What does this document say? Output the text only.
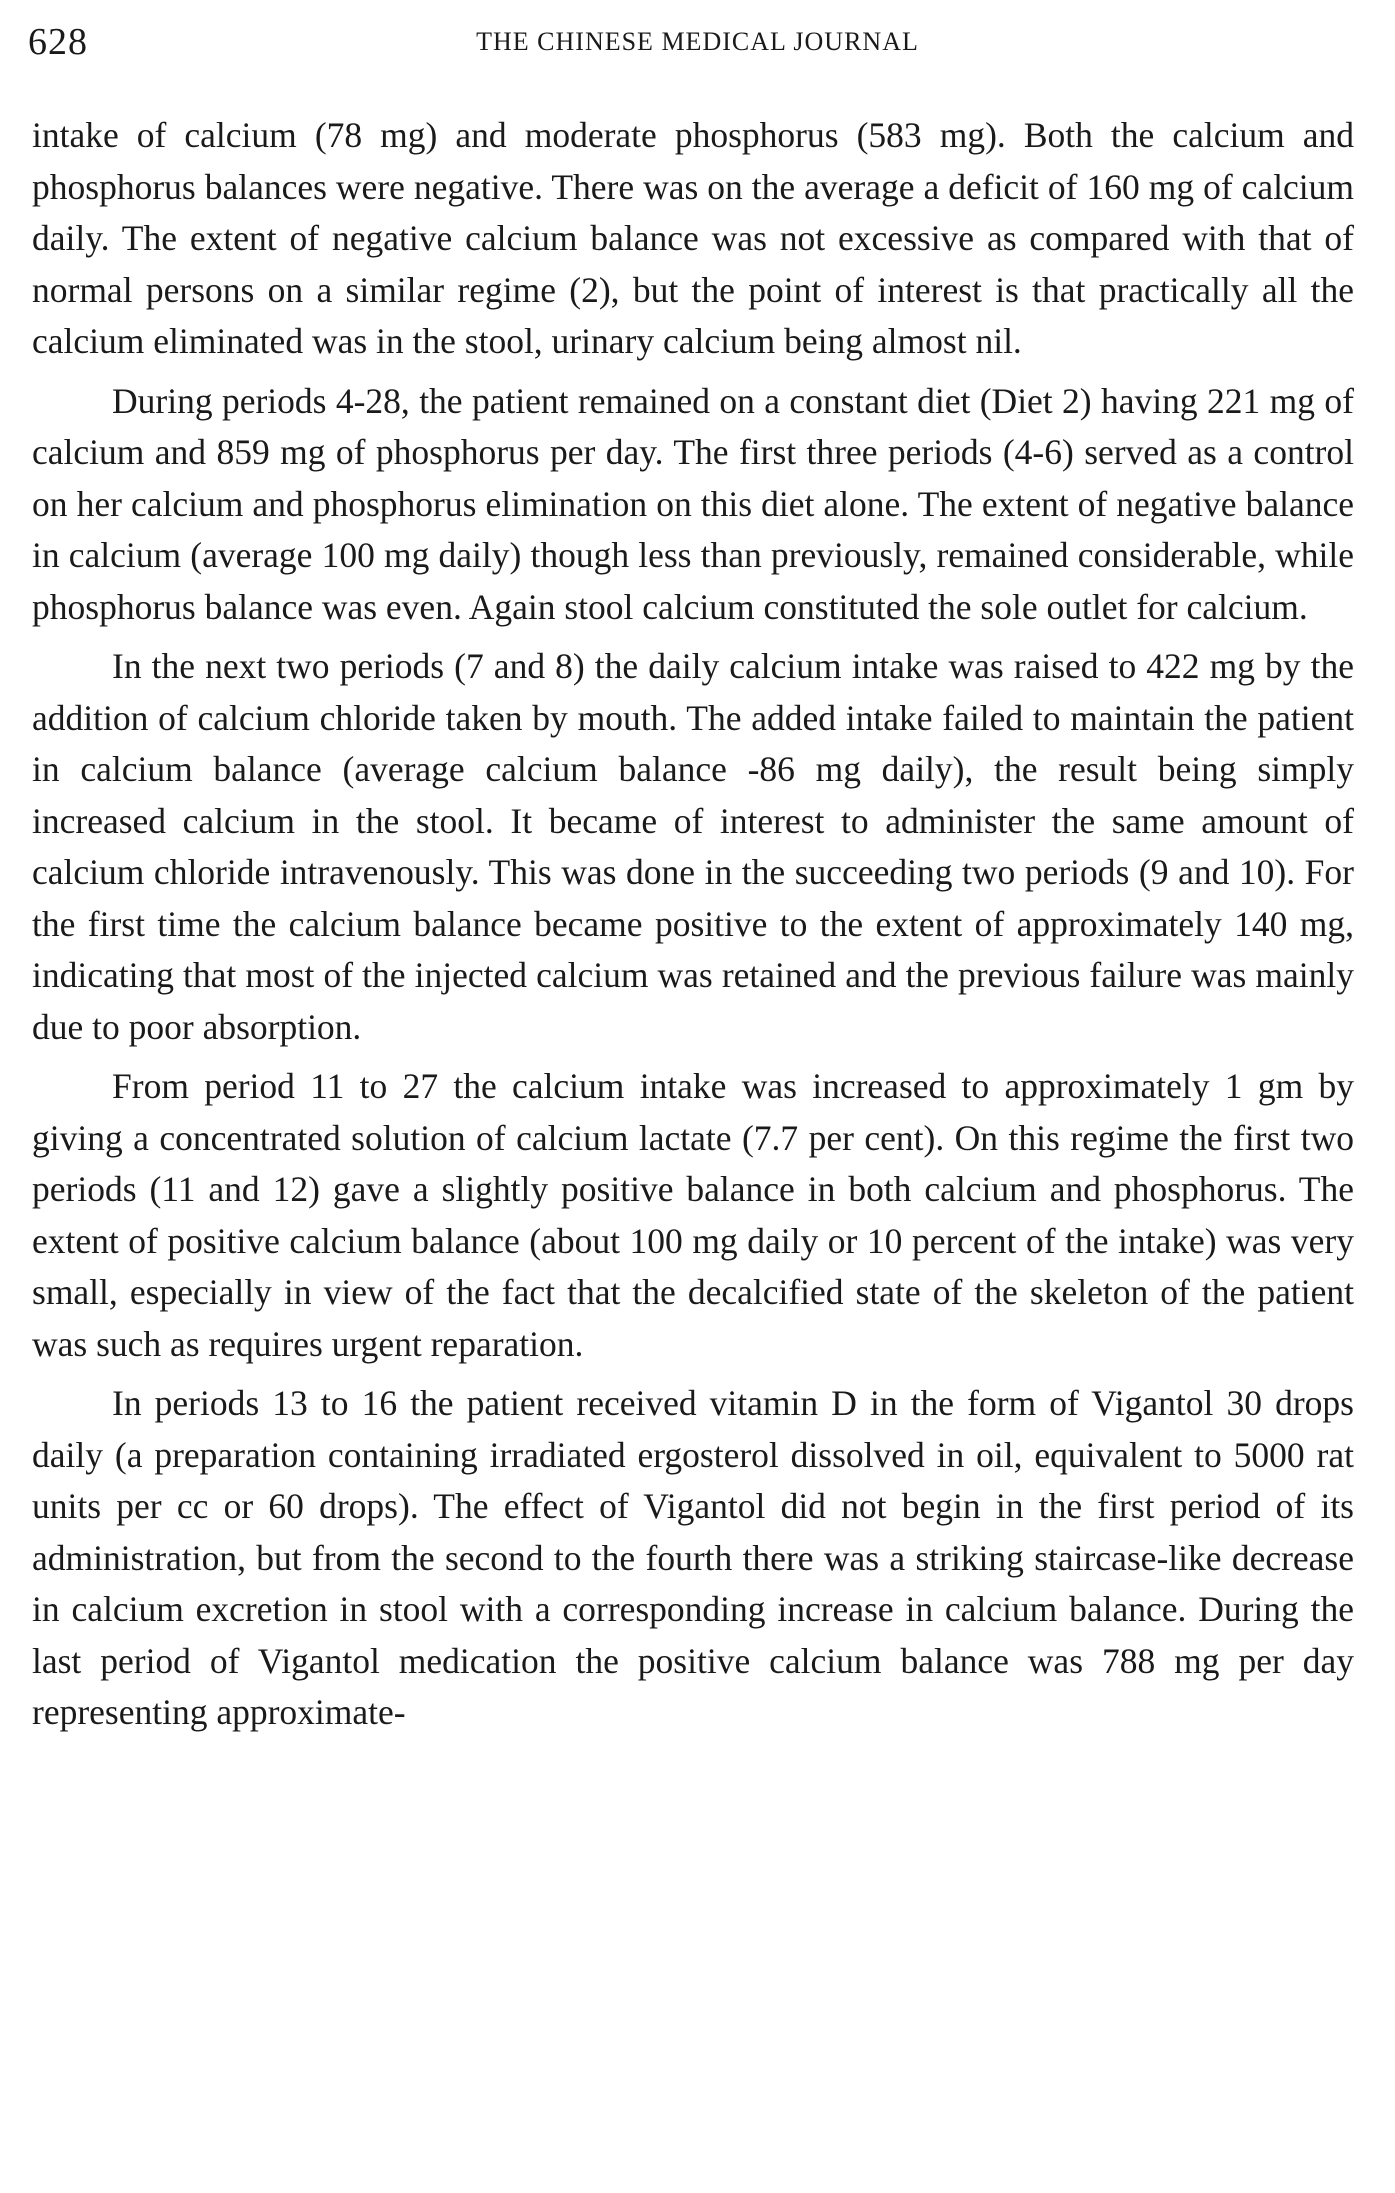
628	THE CHINESE MEDICAL JOURNAL

intake of calcium (78 mg) and moderate phosphorus (583 mg). Both the calcium and phosphorus balances were negative. There was on the average a deficit of 160 mg of calcium daily. The extent of negative calcium balance was not excessive as compared with that of normal persons on a similar regime (2), but the point of interest is that practically all the calcium eliminated was in the stool, urinary calcium being almost nil.

During periods 4-28, the patient remained on a constant diet (Diet 2) having 221 mg of calcium and 859 mg of phosphorus per day. The first three periods (4-6) served as a control on her calcium and phosphorus elimination on this diet alone. The extent of negative balance in calcium (average 100 mg daily) though less than previously, remained considerable, while phosphorus balance was even. Again stool calcium constituted the sole outlet for calcium.

In the next two periods (7 and 8) the daily calcium intake was raised to 422 mg by the addition of calcium chloride taken by mouth. The added intake failed to maintain the patient in calcium balance (average calcium balance -86 mg daily), the result being simply increased calcium in the stool. It became of interest to administer the same amount of calcium chloride intravenously. This was done in the succeeding two periods (9 and 10). For the first time the calcium balance became positive to the extent of approximately 140 mg, indicating that most of the injected calcium was retained and the previous failure was mainly due to poor absorption.

From period 11 to 27 the calcium intake was increased to approximately 1 gm by giving a concentrated solution of calcium lactate (7.7 per cent). On this regime the first two periods (11 and 12) gave a slightly positive balance in both calcium and phosphorus. The extent of positive calcium balance (about 100 mg daily or 10 percent of the intake) was very small, especially in view of the fact that the decalcified state of the skeleton of the patient was such as requires urgent reparation.

In periods 13 to 16 the patient received vitamin D in the form of Vigantol 30 drops daily (a preparation containing irradiated ergosterol dissolved in oil, equivalent to 5000 rat units per cc or 60 drops). The effect of Vigantol did not begin in the first period of its administration, but from the second to the fourth there was a striking staircase-like decrease in calcium excretion in stool with a corresponding increase in calcium balance. During the last period of Vigantol medication the positive calcium balance was 788 mg per day representing approximate-
